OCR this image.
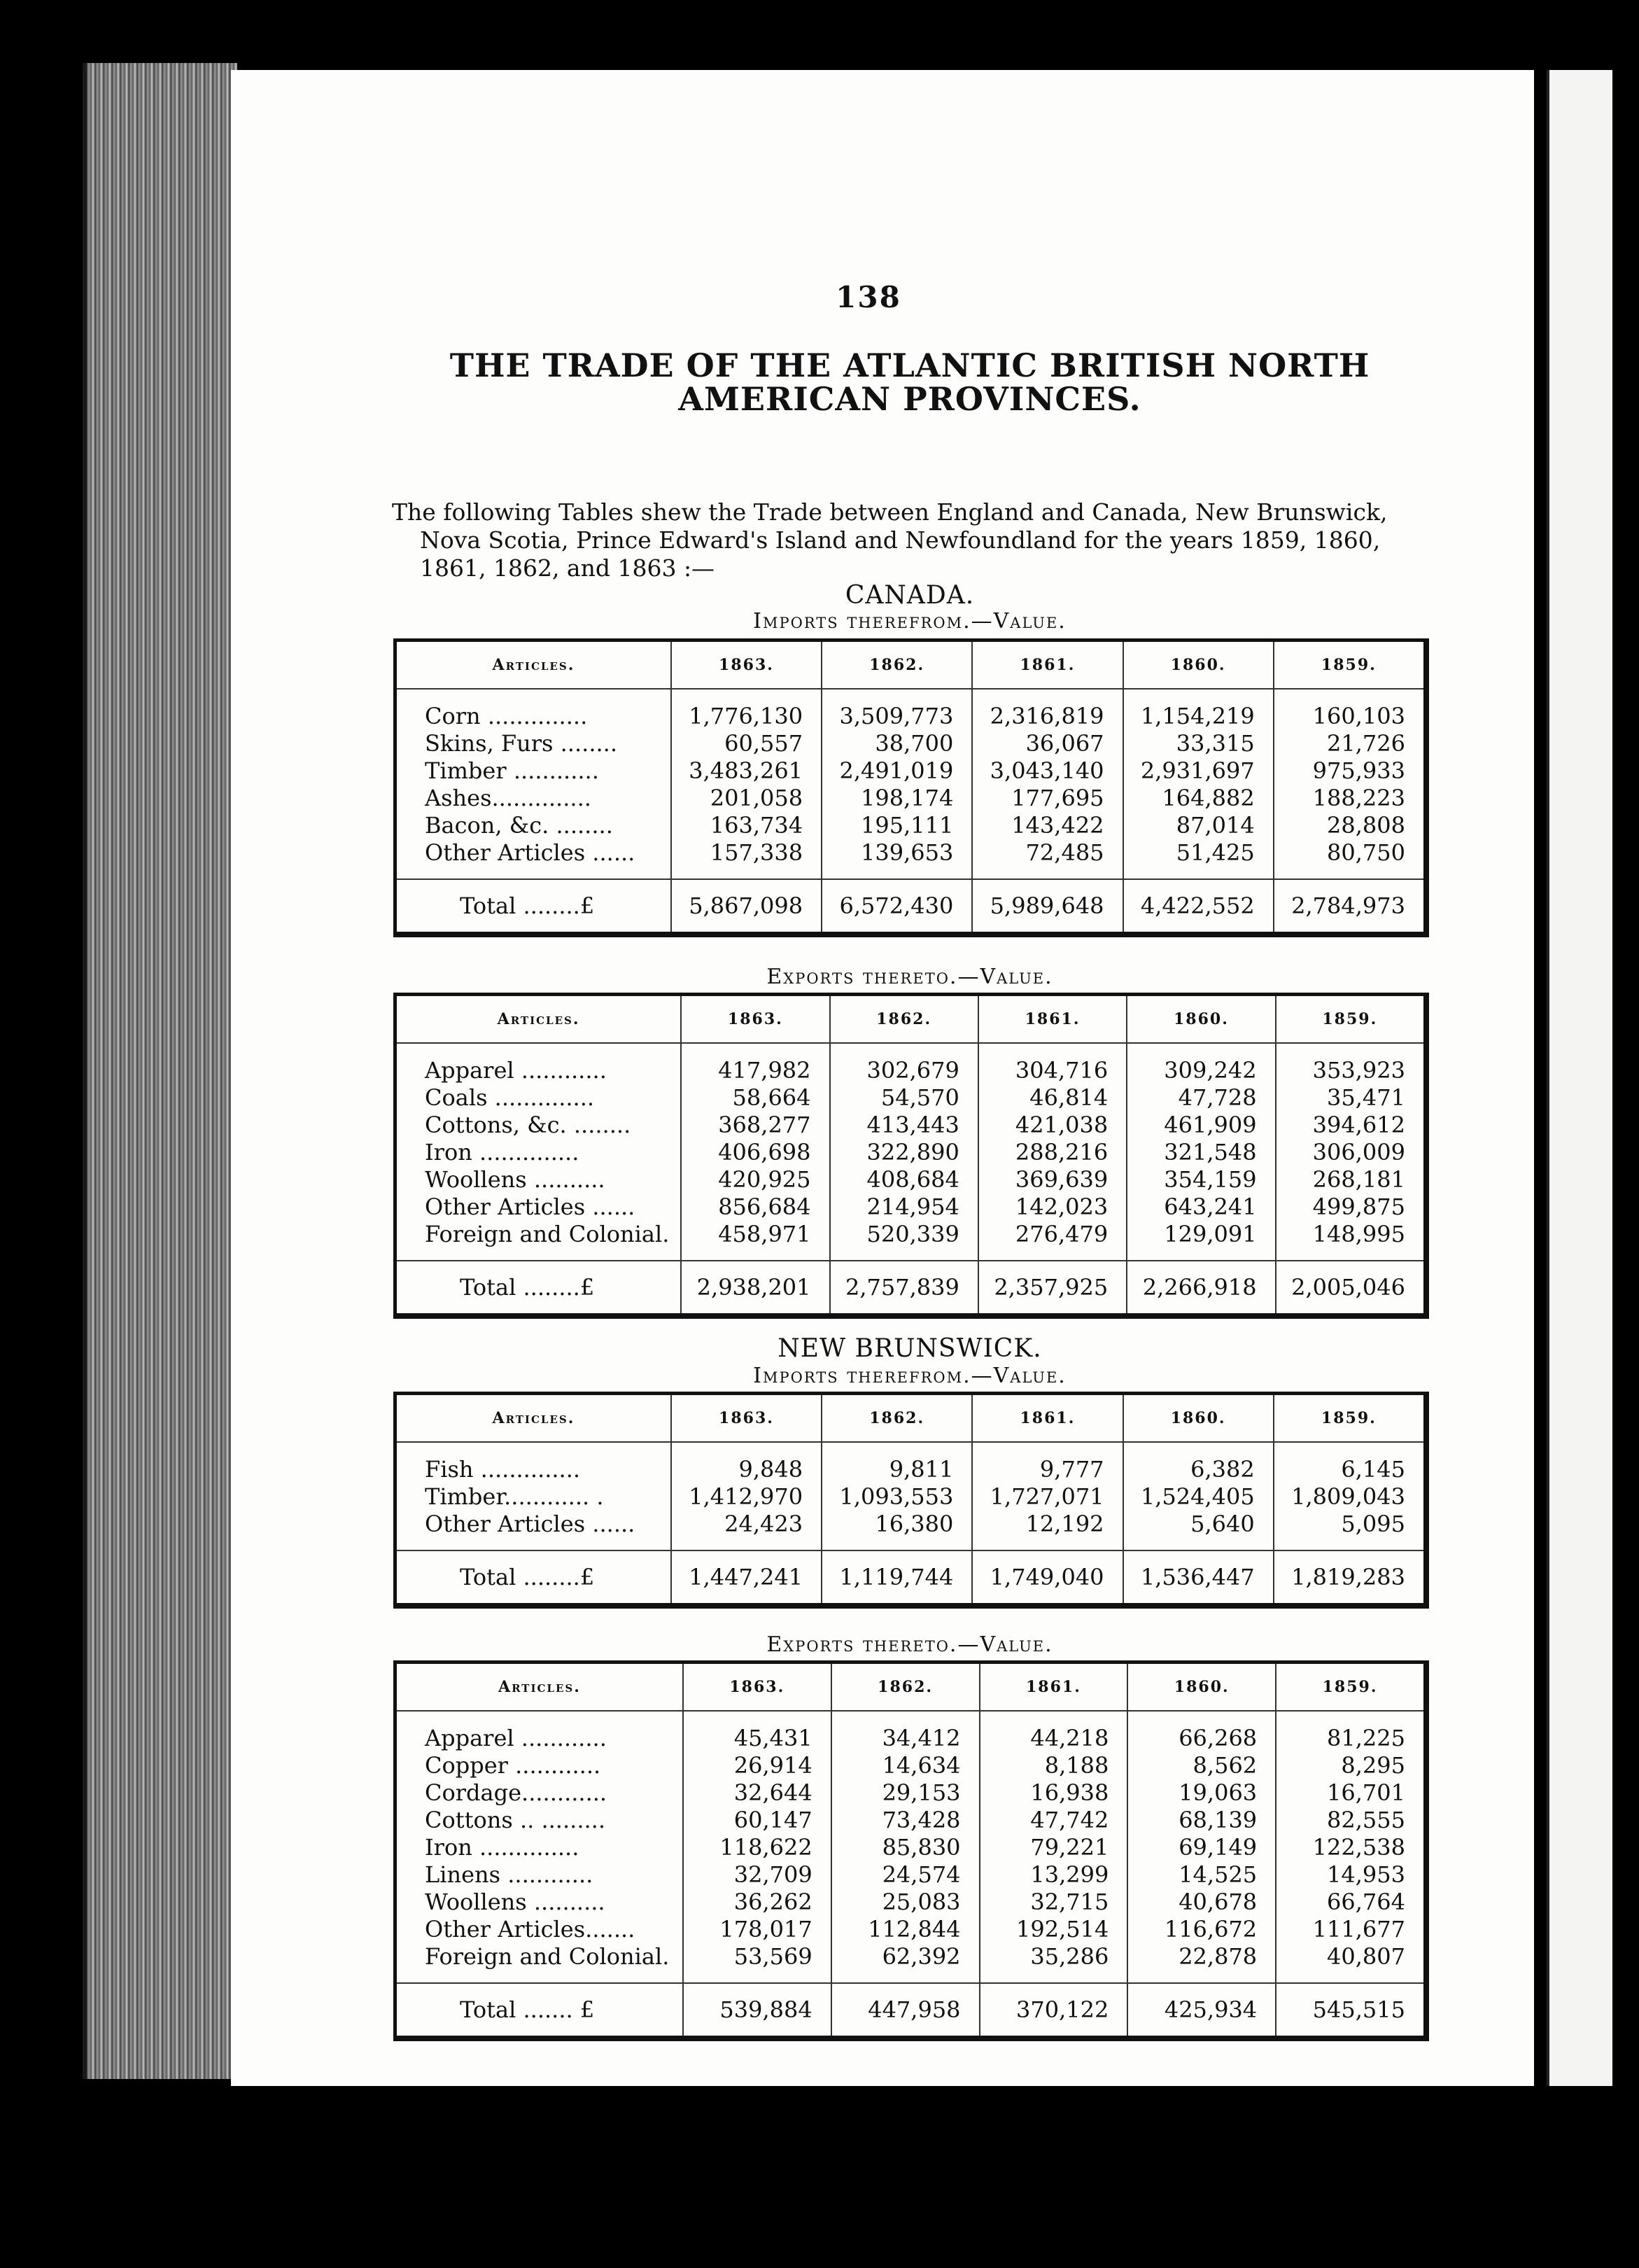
138
THE TRADE OF THE ATLANTIC BRITISH NORTH AMERICAN PROVINCES.
The following Tables shew the Trade between England and Canada, New Brunswick,
Nova Scotia, Prince Edward's Island and Newfoundland for the years 1859, 1860,
1861, 1862, and 1863 :—
CANADA.
Imports therefrom.—Value.
Articles.	1863.	1862.	1861.	1860.	1859.

Corn ..............	1,776,130	3,509,773	2,316,819	1,154,219	160,103
Skins, Furs ........	60,557	38,700	36,067	33,315	21,726
Timber ............	3,483,261	2,491,019	3,043,140	2,931,697	975,933
Ashes..............	201,058	198,174	177,695	164,882	188,223
Bacon, &c. ........	163,734	195,111	143,422	87,014	28,808
Other Articles ......	157,338	139,653	72,485	51,425	80,750

Total ........£	5,867,098	6,572,430	5,989,648	4,422,552	2,784,973
Exports thereto.—Value.
Articles.	1863.	1862.	1861.	1860.	1859.

Apparel ............	417,982	302,679	304,716	309,242	353,923
Coals ..............	58,664	54,570	46,814	47,728	35,471
Cottons, &c. ........	368,277	413,443	421,038	461,909	394,612
Iron ..............	406,698	322,890	288,216	321,548	306,009
Woollens ..........	420,925	408,684	369,639	354,159	268,181
Other Articles ......	856,684	214,954	142,023	643,241	499,875
Foreign and Colonial.	458,971	520,339	276,479	129,091	148,995

Total ........£	2,938,201	2,757,839	2,357,925	2,266,918	2,005,046
NEW BRUNSWICK.
Imports therefrom.—Value.
Articles.	1863.	1862.	1861.	1860.	1859.

Fish ..............	9,848	9,811	9,777	6,382	6,145
Timber............ .	1,412,970	1,093,553	1,727,071	1,524,405	1,809,043
Other Articles ......	24,423	16,380	12,192	5,640	5,095

Total ........£	1,447,241	1,119,744	1,749,040	1,536,447	1,819,283
Exports thereto.—Value.
Articles.	1863.	1862.	1861.	1860.	1859.

Apparel ............	45,431	34,412	44,218	66,268	81,225
Copper ............	26,914	14,634	8,188	8,562	8,295
Cordage............	32,644	29,153	16,938	19,063	16,701
Cottons .. .........	60,147	73,428	47,742	68,139	82,555
Iron ..............	118,622	85,830	79,221	69,149	122,538
Linens ............	32,709	24,574	13,299	14,525	14,953
Woollens ..........	36,262	25,083	32,715	40,678	66,764
Other Articles.......	178,017	112,844	192,514	116,672	111,677
Foreign and Colonial.	53,569	62,392	35,286	22,878	40,807

Total ....... £	539,884	447,958	370,122	425,934	545,515
